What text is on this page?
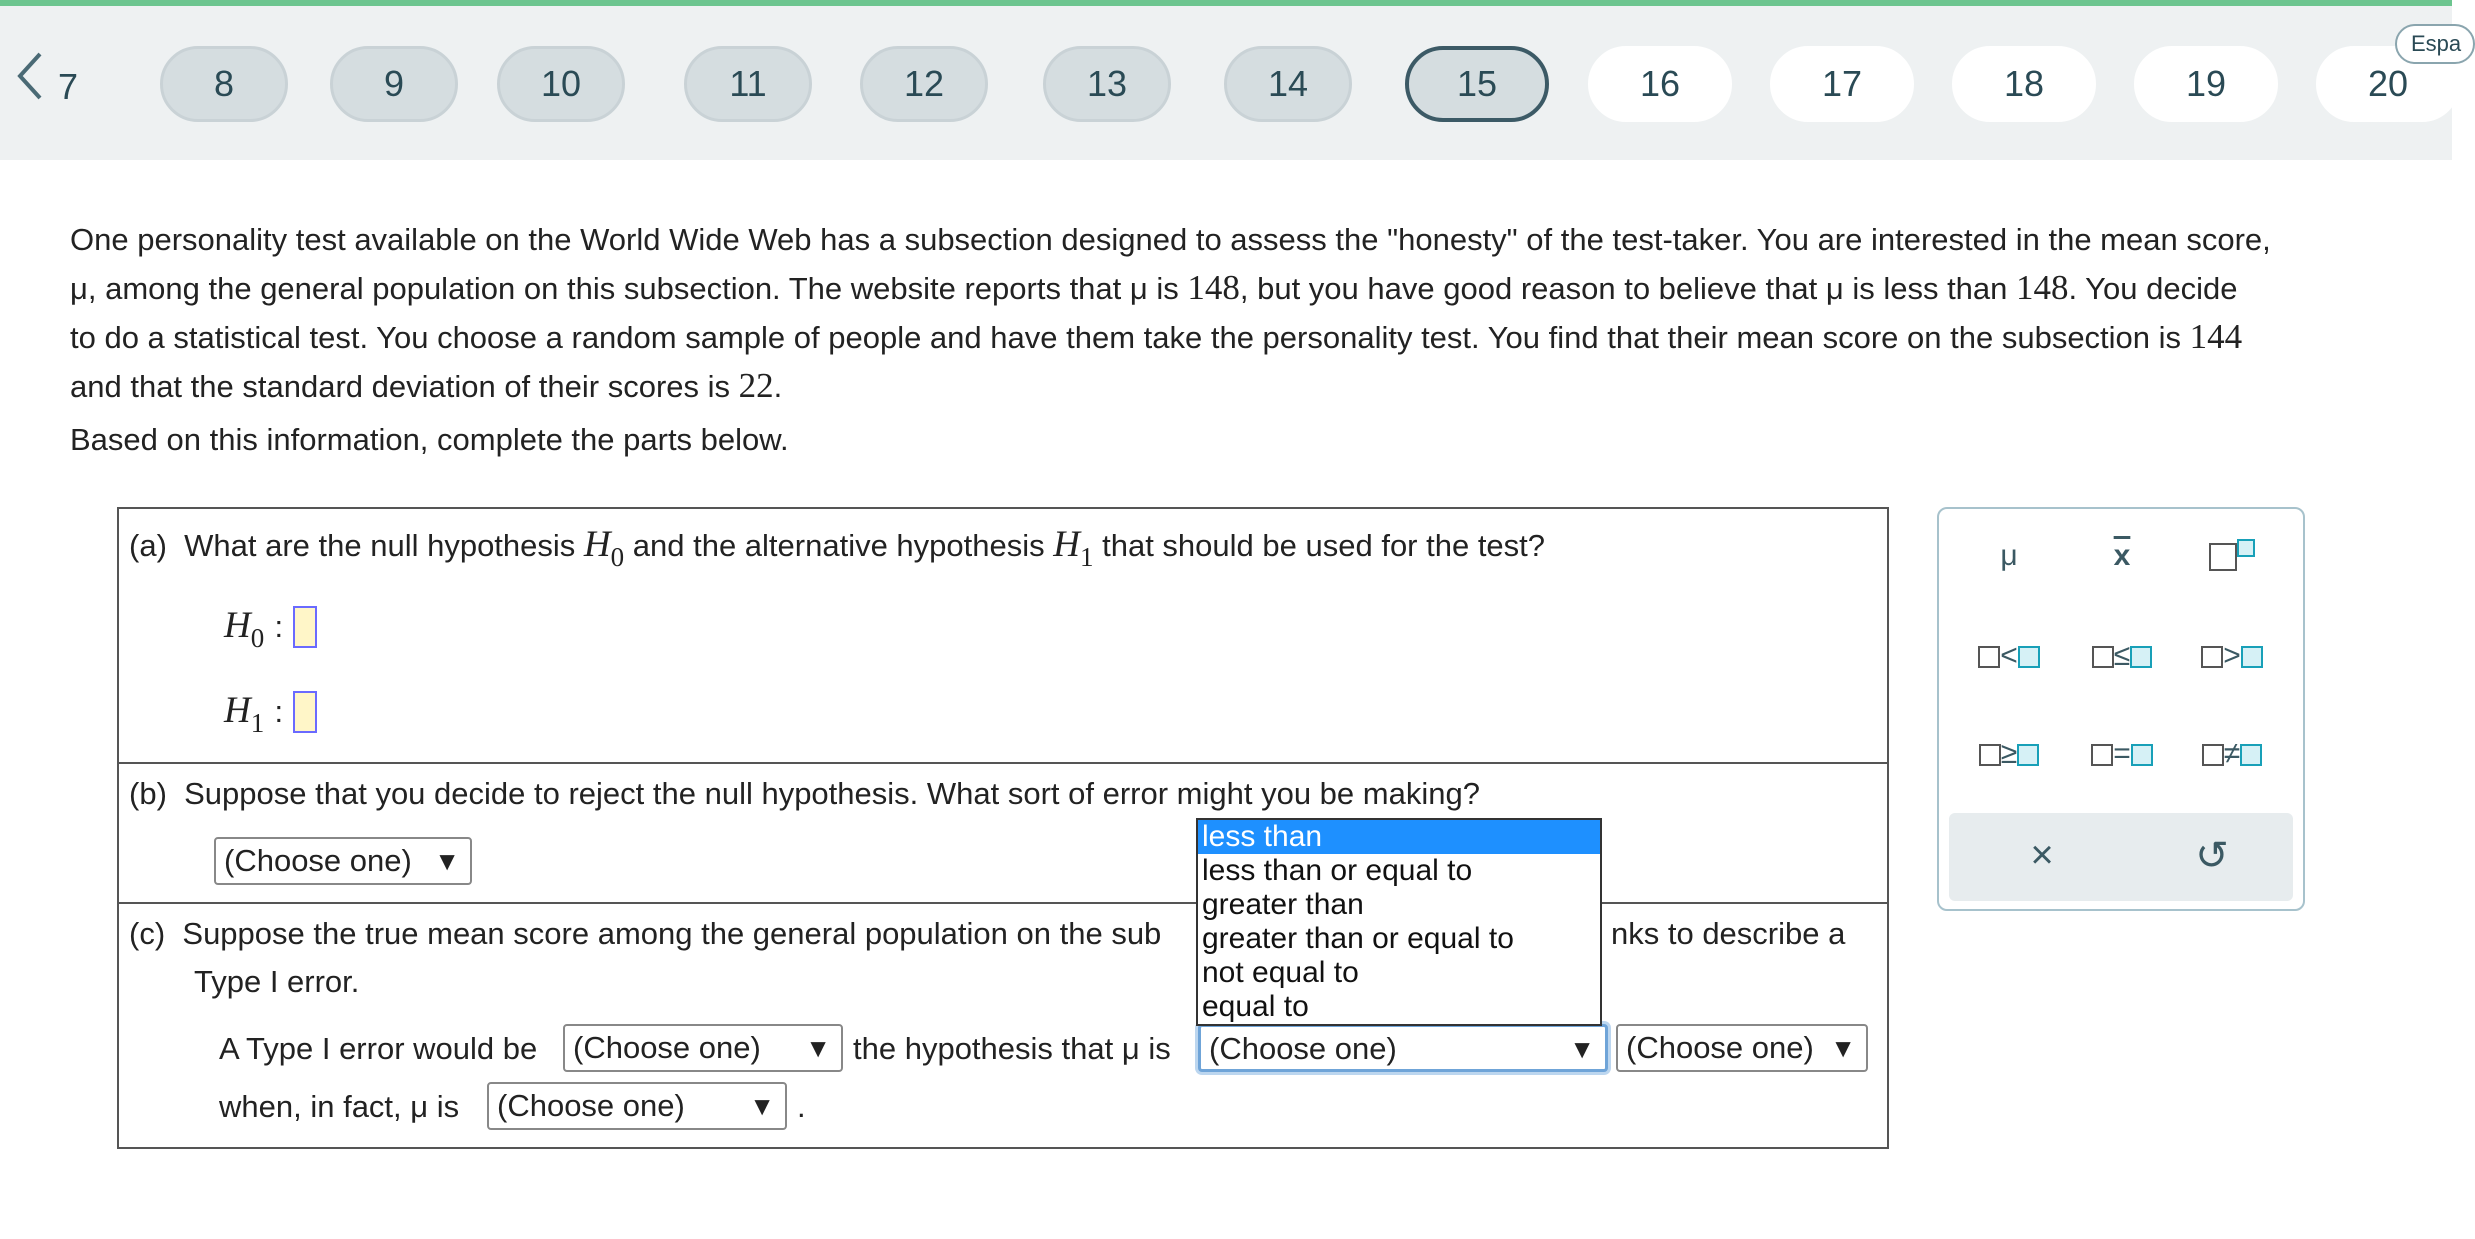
7	8	9	10	11	12	13	14	15	16	17	18	19	20
Espa
One personality test available on the World Wide Web has a subsection designed to assess the "honesty" of the test-taker. You are interested in the mean score,
μ, among the general population on this subsection. The website reports that μ is 148, but you have good reason to believe that μ is less than 148. You decide
to do a statistical test. You choose a random sample of people and have them take the personality test. You find that their mean score on the subsection is 144
and that the standard deviation of their scores is 22.
Based on this information, complete the parts below.
(a) What are the null hypothesis $H_0$ and the alternative hypothesis $H_1$ that should be used for the test?
$H_0$ :
$H_1$ :
(b) Suppose that you decide to reject the null hypothesis. What sort of error might you be making?
(Choose one) ▼
(c) Suppose the true mean score among the general population on the sub	nks to describe a
Type I error.
A Type I error would be	(Choose one) ▼ the hypothesis that μ is	(Choose one)	▼	(Choose one) ▼
when, in fact, μ is	(Choose one) ▼ .
less than
less than or equal to
greater than
greater than or equal to
not equal to
equal to
μ	$\overline{x}$
<	≤	>
≥	=	≠
×	↺
